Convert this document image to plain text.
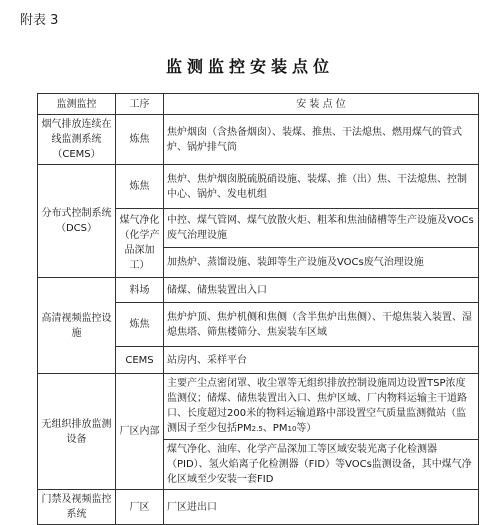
附表 3
监测监控安装点位
监测监控	工序	安 装 点 位
烟气排放连续在线监测系统（CEMS）	炼焦	焦炉烟囱（含热备烟囱）、装煤、推焦、干法熄焦、燃用煤气的管式炉、锅炉排气筒
分布式控制系统（DCS）	炼焦	焦炉、焦炉烟囱脱硫脱硝设施、装煤、推（出）焦、干法熄焦、控制中心、锅炉、发电机组
	煤气净化（化学产品深加工）	中控、煤气管网、煤气放散火炬、粗苯和焦油储槽等生产设施及VOCs废气治理设施
		加热炉、蒸馏设施、装卸等生产设施及VOCs废气治理设施
高清视频监控设施	料场	储煤、储焦装置出入口
	炼焦	焦炉炉顶、焦炉机侧和焦侧（含半焦炉出焦侧）、干熄焦装入装置、湿熄焦塔、筛焦楼筛分、焦炭装车区域
	CEMS	站房内、采样平台
无组织排放监测设备	厂区内部	主要产尘点密闭罩、收尘罩等无组织排放控制设施周边设置TSP浓度监测仪；储煤、储焦装置出入口、焦炉区域、厂内物料运输主干道路口、长度超过200米的物料运输道路中部设置空气质量监测微站（监测因子至少包括PM2.5、PM10等）
		煤气净化、油库、化学产品深加工等区域安装光离子化检测器（PID）、氢火焰离子化检测器（FID）等VOCs监测设备，其中煤气净化区域至少安装一套FID
门禁及视频监控系统	厂区	厂区进出口
